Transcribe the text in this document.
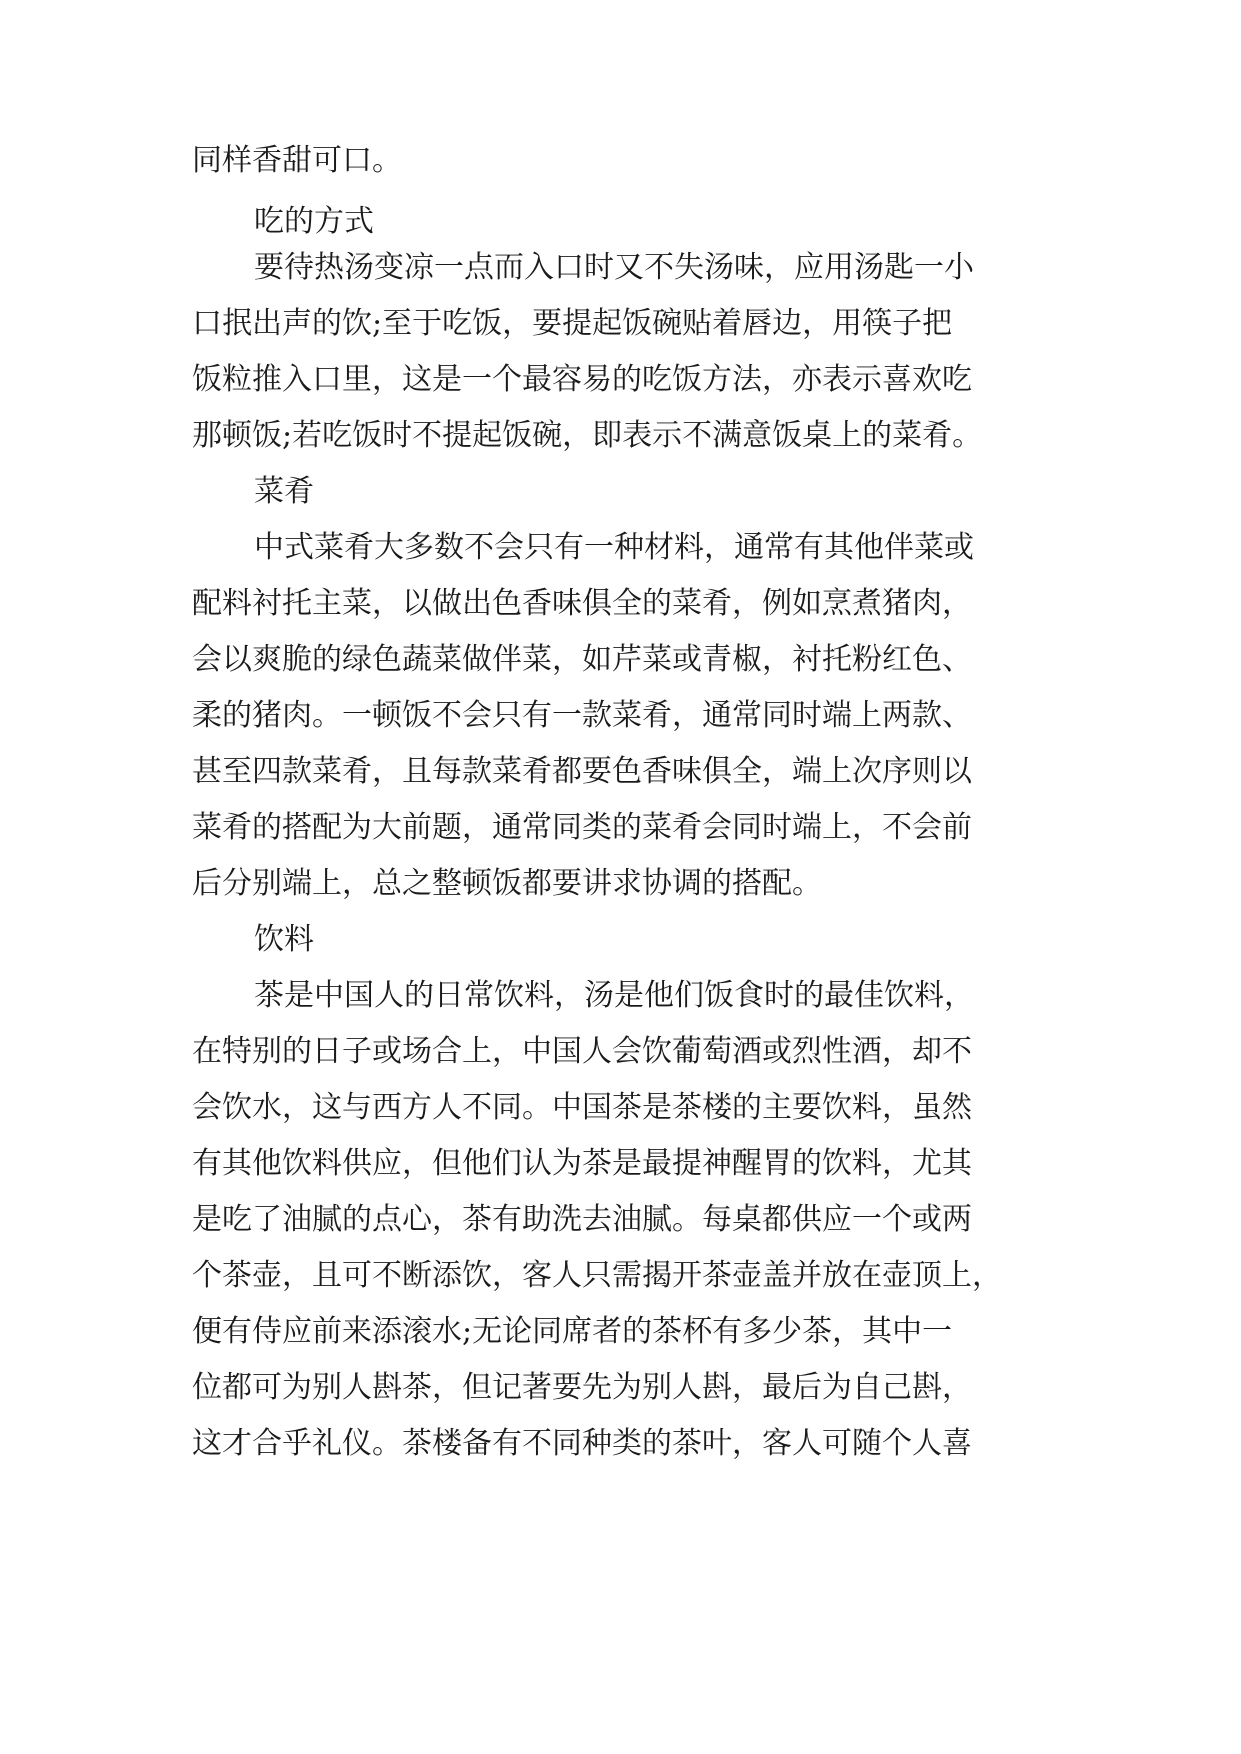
同样香甜可口。

吃的方式

要待热汤变凉一点而入口时又不失汤味，应用汤匙一小

口抿出声的饮;至于吃饭，要提起饭碗贴着唇边，用筷子把

饭粒推入口里，这是一个最容易的吃饭方法，亦表示喜欢吃

那顿饭;若吃饭时不提起饭碗，即表示不满意饭桌上的菜肴。

菜肴

中式菜肴大多数不会只有一种材料，通常有其他伴菜或

配料衬托主菜，以做出色香味俱全的菜肴，例如烹煮猪肉，

会以爽脆的绿色蔬菜做伴菜，如芹菜或青椒，衬托粉红色、

柔的猪肉。一顿饭不会只有一款菜肴，通常同时端上两款、

甚至四款菜肴，且每款菜肴都要色香味俱全，端上次序则以

菜肴的搭配为大前题，通常同类的菜肴会同时端上，不会前

后分别端上，总之整顿饭都要讲求协调的搭配。

饮料

茶是中国人的日常饮料，汤是他们饭食时的最佳饮料，

在特别的日子或场合上，中国人会饮葡萄酒或烈性酒，却不

会饮水，这与西方人不同。中国茶是茶楼的主要饮料，虽然

有其他饮料供应，但他们认为茶是最提神醒胃的饮料，尤其

是吃了油腻的点心，茶有助洗去油腻。每桌都供应一个或两

个茶壶，且可不断添饮，客人只需揭开茶壶盖并放在壶顶上，

便有侍应前来添滚水;无论同席者的茶杯有多少茶，其中一

位都可为别人斟茶，但记著要先为别人斟，最后为自己斟，

这才合乎礼仪。茶楼备有不同种类的茶叶，客人可随个人喜
